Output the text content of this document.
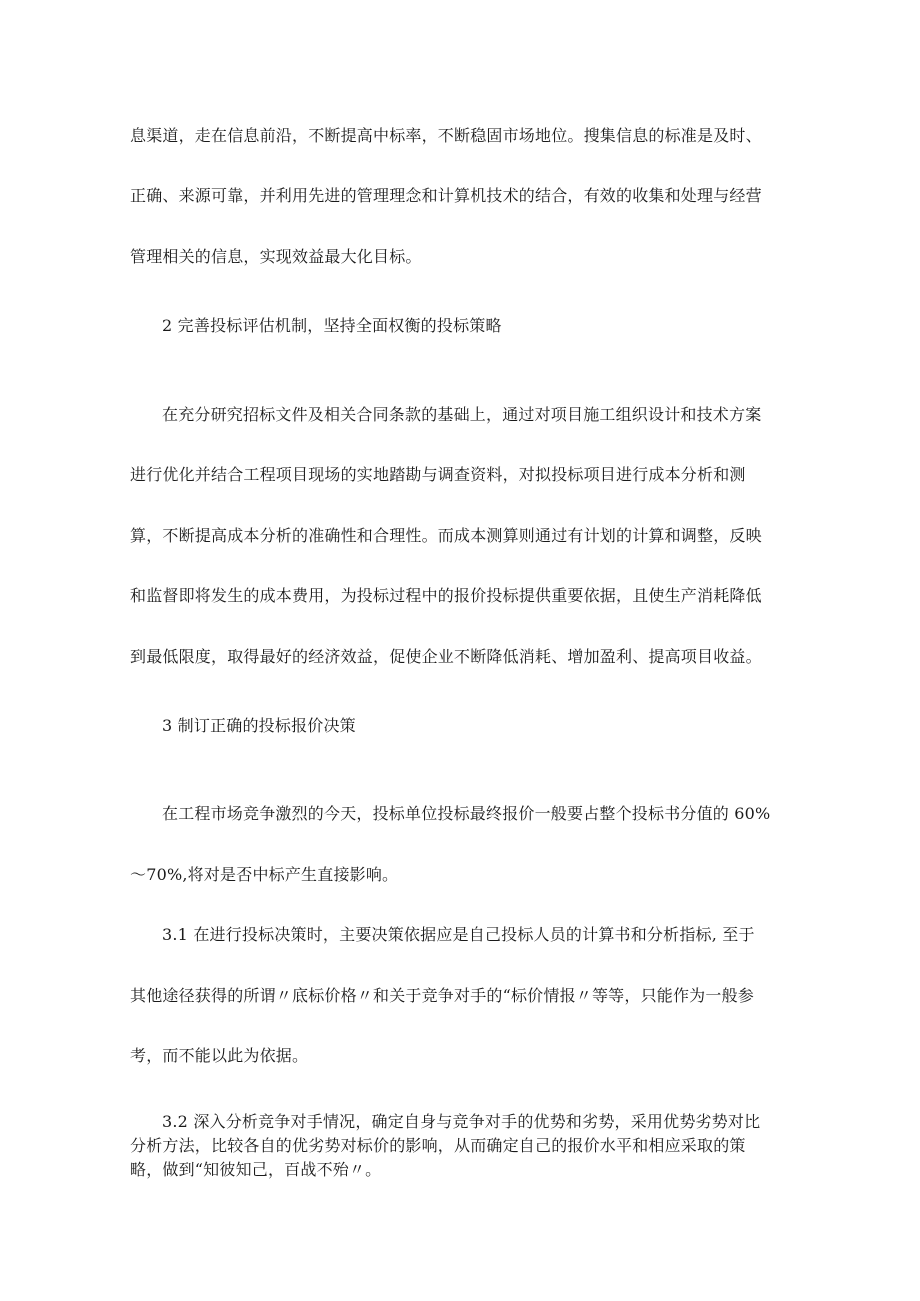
息渠道，走在信息前沿，不断提高中标率，不断稳固市场地位。搜集信息的标准是及时、
正确、来源可靠，并利用先进的管理理念和计算机技术的结合，有效的收集和处理与经营
管理相关的信息，实现效益最大化目标。
2 完善投标评估机制，坚持全面权衡的投标策略
在充分研究招标文件及相关合同条款的基础上，通过对项目施工组织设计和技术方案
进行优化并结合工程项目现场的实地踏勘与调查资料，对拟投标项目进行成本分析和测
算，不断提高成本分析的准确性和合理性。而成本测算则通过有计划的计算和调整，反映
和监督即将发生的成本费用，为投标过程中的报价投标提供重要依据，且使生产消耗降低
到最低限度，取得最好的经济效益，促使企业不断降低消耗、增加盈利、提高项目收益。
3 制订正确的投标报价决策
在工程市场竞争激烈的今天，投标单位投标最终报价一般要占整个投标书分值的 60%
～70%,将对是否中标产生直接影响。
3.1 在进行投标决策时，主要决策依据应是自己投标人员的计算书和分析指标, 至于
其他途径获得的所谓〃底标价格〃和关于竞争对手的“标价情报〃等等，只能作为一般参
考，而不能以此为依据。
3.2 深入分析竞争对手情况，确定自身与竞争对手的优势和劣势，采用优势劣势对比
分析方法，比较各自的优劣势对标价的影响，从而确定自己的报价水平和相应采取的策
略，做到“知彼知己，百战不殆〃。
